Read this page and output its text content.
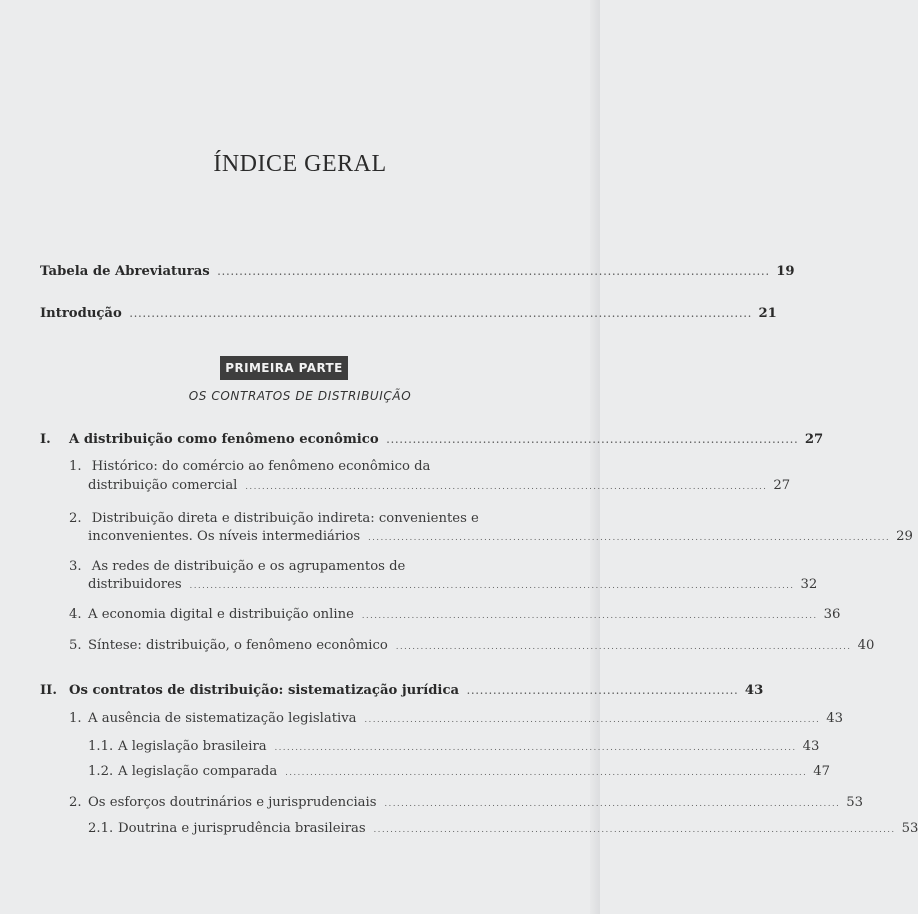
ÍNDICE GERAL
Tabela de Abreviaturas .............................................................................................................................. 19
Introdução .............................................................................................................................................. 21
PRIMEIRA PARTE
OS CONTRATOS DE DISTRIBUIÇÃO
I.	A distribuição como fenômeno econômico .............................................................................................. 27
1. Histórico: do comércio ao fenômeno econômico da
distribuição comercial .............................................................................................................................. 27
2. Distribuição direta e distribuição indireta: convenientes e
inconvenientes. Os níveis intermediários .............................................................................................................................. 29
3. As redes de distribuição e os agrupamentos de
distribuidores .................................................................................................................................................. 32
4. A economia digital e distribuição online .............................................................................................................. 36
5. Síntese: distribuição, o fenômeno econômico .............................................................................................................. 40
II. Os contratos de distribuição: sistematização jurídica .............................................................. 43
1. A ausência de sistematização legislativa .............................................................................................................. 43
1.1. A legislação brasileira .............................................................................................................................. 43
1.2. A legislação comparada .............................................................................................................................. 47
2. Os esforços doutrinários e jurisprudenciais .............................................................................................................. 53
2.1. Doutrina e jurisprudência brasileiras .............................................................................................................................. 53
